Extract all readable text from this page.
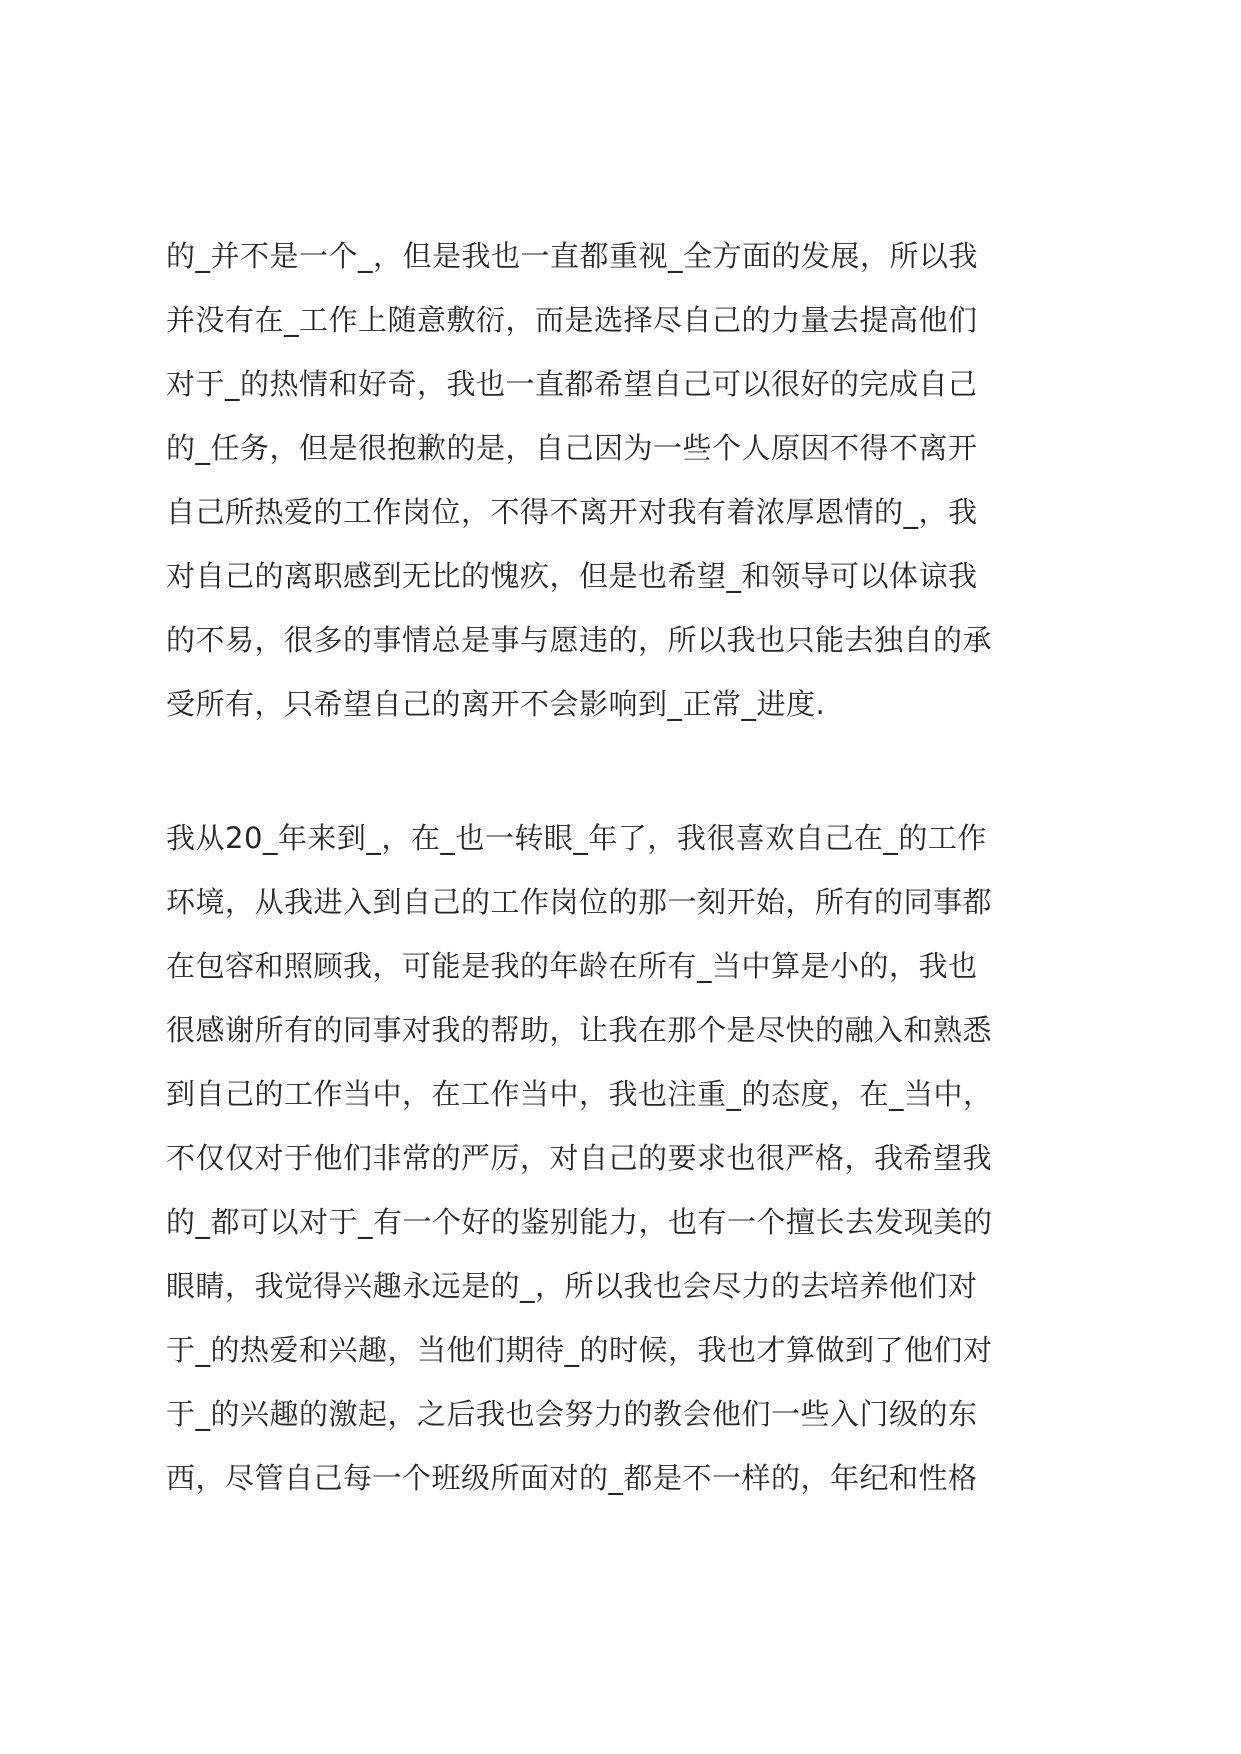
的_并不是一个_，但是我也一直都重视_全方面的发展，所以我
并没有在_工作上随意敷衍，而是选择尽自己的力量去提高他们
对于_的热情和好奇，我也一直都希望自己可以很好的完成自己
的_任务，但是很抱歉的是，自己因为一些个人原因不得不离开
自己所热爱的工作岗位，不得不离开对我有着浓厚恩情的_，我
对自己的离职感到无比的愧疚，但是也希望_和领导可以体谅我
的不易，很多的事情总是事与愿违的，所以我也只能去独自的承
受所有，只希望自己的离开不会影响到_正常_进度.
我从20_年来到_，在_也一转眼_年了，我很喜欢自己在_的工作
环境，从我进入到自己的工作岗位的那一刻开始，所有的同事都
在包容和照顾我，可能是我的年龄在所有_当中算是小的，我也
很感谢所有的同事对我的帮助，让我在那个是尽快的融入和熟悉
到自己的工作当中，在工作当中，我也注重_的态度，在_当中，
不仅仅对于他们非常的严厉，对自己的要求也很严格，我希望我
的_都可以对于_有一个好的鉴别能力，也有一个擅长去发现美的
眼睛，我觉得兴趣永远是的_，所以我也会尽力的去培养他们对
于_的热爱和兴趣，当他们期待_的时候，我也才算做到了他们对
于_的兴趣的激起，之后我也会努力的教会他们一些入门级的东
西，尽管自己每一个班级所面对的_都是不一样的，年纪和性格
